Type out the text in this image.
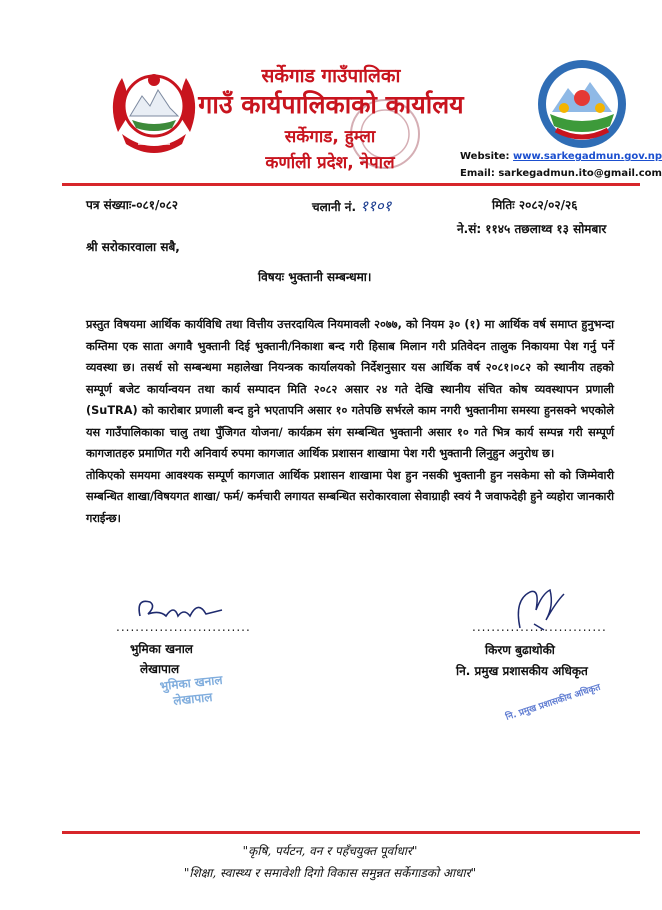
सर्केगाड गाउँपालिका
गाउँ कार्यपालिकाको कार्यालय
सर्केगाड, हुम्ला
कर्णाली प्रदेश, नेपाल	Website: www.sarkegadmun.gov.np
Email: sarkegadmun.ito@gmail.com
पत्र संख्याः-०८१/०८२	चलानी नं. ११०१	मितिः २०८२/०२/२६
ने.सं: ११४५ तछलाथ्व १३ सोमबार
श्री सरोकारवाला सबै,
विषयः भुक्तानी सम्बन्धमा।

प्रस्तुत विषयमा आर्थिक कार्यविधि तथा वित्तीय उत्तरदायित्व नियमावली २०७७, को नियम ३० (१) मा आर्थिक वर्ष समाप्त हुनुभन्दा कम्तिमा एक साता अगावै भुक्तानी दिई भुक्तानी/निकाशा बन्द गरी हिसाब मिलान गरी प्रतिवेदन तालुक निकायमा पेश गर्नु पर्ने व्यवस्था छ। तसर्थ सो सम्बन्धमा महालेखा नियन्त्रक कार्यालयको निर्देशनुसार यस आर्थिक वर्ष २०८१।०८२ को स्थानीय तहको सम्पूर्ण बजेट कार्यान्वयन तथा कार्य सम्पादन मिति २०८२ असार २४ गते देखि स्थानीय संचित कोष व्यवस्थापन प्रणाली (SuTRA) को कारोबार प्रणाली बन्द हुने भएतापनि असार १० गतेपछि सर्भरले काम नगरी भुक्तानीमा समस्या हुनसक्ने भएकोले यस गाउँपालिकाका चालु तथा पुँजिगत योजना/ कार्यक्रम संग सम्बन्धित भुक्तानी असार १० गते भित्र कार्य सम्पन्न गरी सम्पूर्ण कागजातहरु प्रमाणित गरी अनिवार्य रुपमा कागजात आर्थिक प्रशासन शाखामा पेश गरी भुक्तानी लिनुहुन अनुरोध छ।

तोकिएको समयमा आवश्यक सम्पूर्ण कागजात आर्थिक प्रशासन शाखामा पेश हुन नसकी भुक्तानी हुन नसकेमा सो को जिम्मेवारी सम्बन्धित शाखा/विषयगत शाखा/ फर्म/ कर्मचारी लगायत सम्बन्धित सरोकारवाला सेवाग्राही स्वयं नै जवाफदेही हुने व्यहोरा जानकारी गराईन्छ।

............................
भुमिका खनाल
लेखापाल
भुमिका खनाल
लेखापाल
............................
किरण बुढाथोकी
नि. प्रमुख प्रशासकीय अधिकृत
नि. प्रमुख प्रशासकीय अधिकृत
"कृषि, पर्यटन, वन र पहँचयुक्त पूर्वाधार"
"शिक्षा, स्वास्थ्य र समावेशी दिगो विकास समुन्नत सर्केगाडको आधार"
